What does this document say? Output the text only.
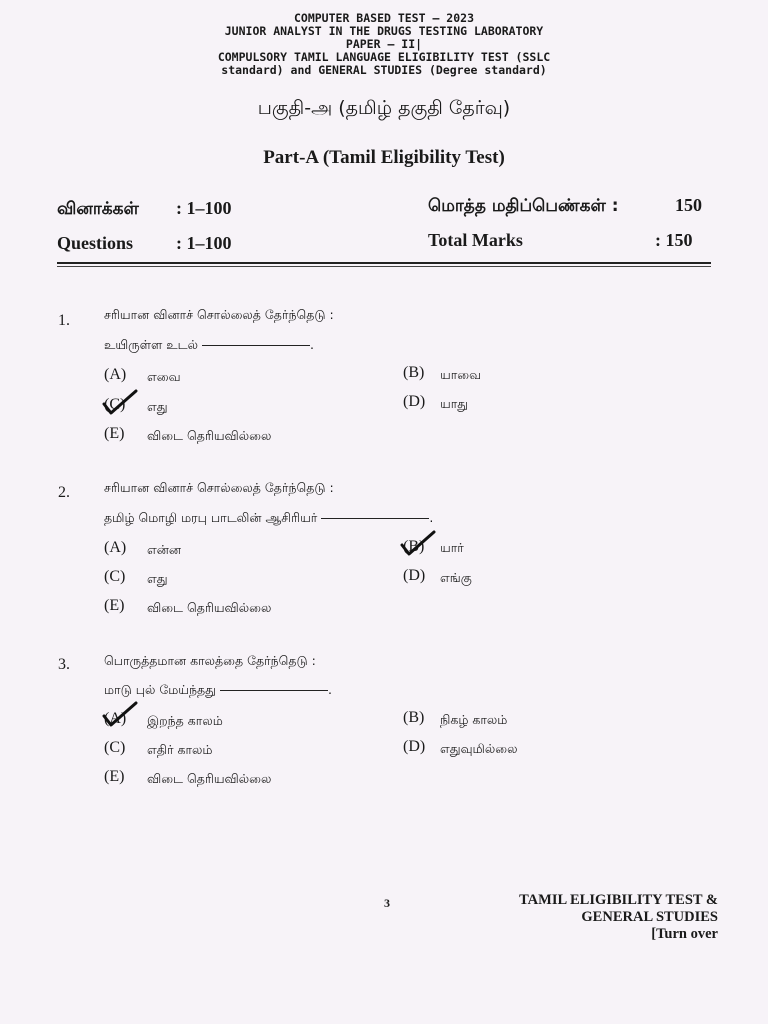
COMPUTER BASED TEST – 2023
JUNIOR ANALYST IN THE DRUGS TESTING LABORATORY
PAPER – II|
COMPULSORY TAMIL LANGUAGE ELIGIBILITY TEST (SSLC
standard) and GENERAL STUDIES (Degree standard)
பகுதி-அ (தமிழ் தகுதி தேர்வு)
Part-A (Tamil Eligibility Test)
வினாக்கள் : 1–100	மொத்த மதிப்பெண்கள் :	150
Questions : 1–100	Total Marks	: 150
1.	சரியான வினாச் சொல்லைத் தேர்ந்தெடு :
உயிருள்ள உடல்	.
(A) எவை	(B) யாவை
(C) எது	(D) யாது
(E) விடை தெரியவில்லை
2.	சரியான வினாச் சொல்லைத் தேர்ந்தெடு :
தமிழ் மொழி மரபு பாடலின் ஆசிரியர்	.
(A) என்ன	(B) யார்
(C) எது	(D) எங்கு
(E) விடை தெரியவில்லை
3.	பொருத்தமான காலத்தை தேர்ந்தெடு :
மாடு புல் மேய்ந்தது	.
(A) இறந்த காலம்	(B) நிகழ் காலம்
(C) எதிர் காலம்	(D) எதுவுமில்லை
(E) விடை தெரியவில்லை
3	TAMIL ELIGIBILITY TEST &
GENERAL STUDIES
[Turn over
